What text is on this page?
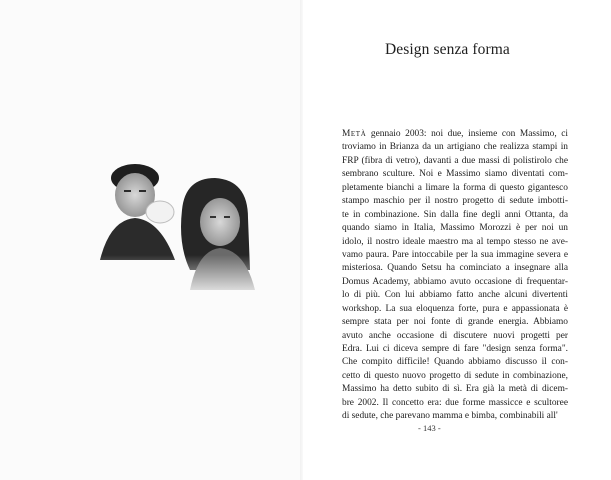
Design senza forma
Metà gennaio 2003: noi due, insieme con Massimo, ci
troviamo in Brianza da un artigiano che realizza stampi in
FRP (fibra di vetro), davanti a due massi di polistirolo che
sembrano sculture. Noi e Massimo siamo diventati com-
pletamente bianchi a limare la forma di questo gigantesco
stampo maschio per il nostro progetto di sedute imbotti-
te in combinazione. Sin dalla fine degli anni Ottanta, da
quando siamo in Italia, Massimo Morozzi è per noi un
idolo, il nostro ideale maestro ma al tempo stesso ne ave-
vamo paura. Pare intoccabile per la sua immagine severa e
misteriosa. Quando Setsu ha cominciato a insegnare alla
Domus Academy, abbiamo avuto occasione di frequentar-
lo di più. Con lui abbiamo fatto anche alcuni divertenti
workshop. La sua eloquenza forte, pura e appassionata è
sempre stata per noi fonte di grande energia. Abbiamo
avuto anche occasione di discutere nuovi progetti per
Edra. Lui ci diceva sempre di fare "design senza forma".
Che compito difficile! Quando abbiamo discusso il con-
cetto di questo nuovo progetto di sedute in combinazione,
Massimo ha detto subito di sì. Era già la metà di dicem-
bre 2002. Il concetto era: due forme massicce e scultoree
di sedute, che parevano mamma e bimba, combinabili all'
- 143 -
